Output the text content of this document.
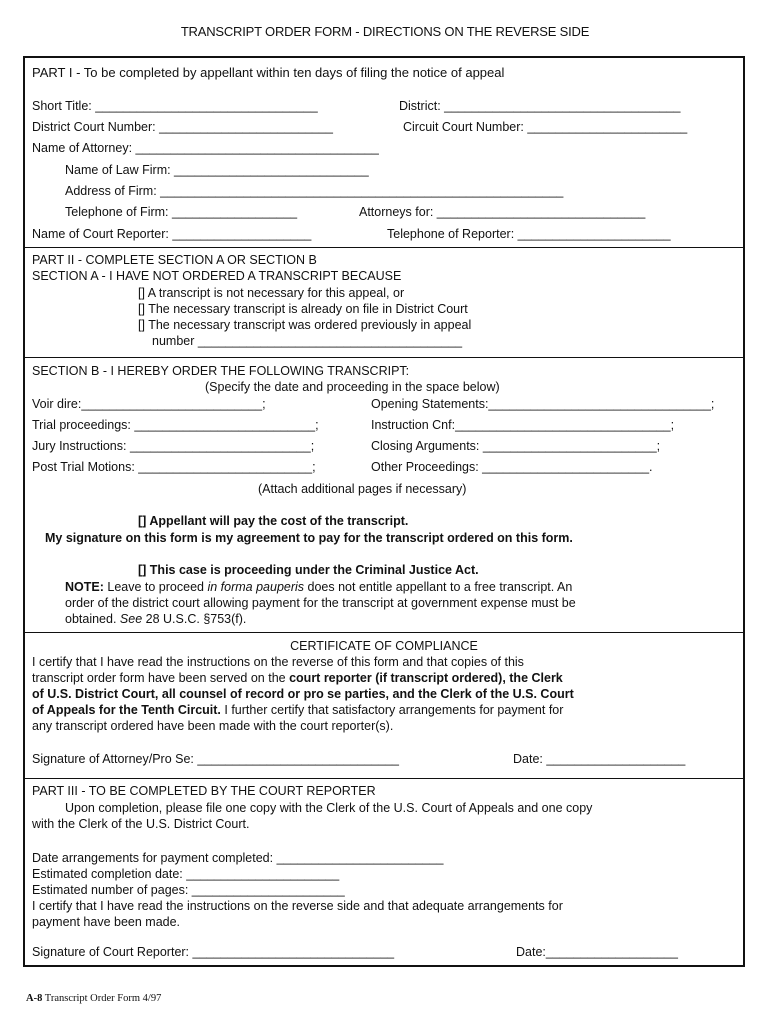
TRANSCRIPT ORDER FORM - DIRECTIONS ON THE REVERSE SIDE
PART I - To be completed by appellant within ten days of filing the notice of appeal
Short Title: ________________________________	District: __________________________________
District Court Number: _________________________	Circuit Court Number: _______________________
Name of Attorney: ___________________________________
Name of Law Firm: ____________________________
Address of Firm: __________________________________________________________
Telephone of Firm: __________________	Attorneys for: ______________________________
Name of Court Reporter: ____________________	Telephone of Reporter: ______________________
PART II - COMPLETE SECTION A OR SECTION B
SECTION A - I HAVE NOT ORDERED A TRANSCRIPT BECAUSE
[] A transcript is not necessary for this appeal, or
[] The necessary transcript is already on file in District Court
[] The necessary transcript was ordered previously in appeal
number ______________________________________
SECTION B - I HEREBY ORDER THE FOLLOWING TRANSCRIPT:
(Specify the date and proceeding in the space below)
Voir dire:__________________________;	Opening Statements:________________________________;
Trial proceedings: __________________________;	Instruction Cnf:_______________________________;
Jury Instructions: __________________________;	Closing Arguments: _________________________;
Post Trial Motions: _________________________;	Other Proceedings: ________________________.
(Attach additional pages if necessary)
[] Appellant will pay the cost of the transcript.
My signature on this form is my agreement to pay for the transcript ordered on this form.
[] This case is proceeding under the Criminal Justice Act.
NOTE: Leave to proceed in forma pauperis does not entitle appellant to a free transcript. An
order of the district court allowing payment for the transcript at government expense must be
obtained. See 28 U.S.C. §753(f).
CERTIFICATE OF COMPLIANCE
I certify that I have read the instructions on the reverse of this form and that copies of this
transcript order form have been served on the court reporter (if transcript ordered), the Clerk
of U.S. District Court, all counsel of record or pro se parties, and the Clerk of the U.S. Court
of Appeals for the Tenth Circuit. I further certify that satisfactory arrangements for payment for
any transcript ordered have been made with the court reporter(s).
Signature of Attorney/Pro Se: _____________________________	Date: ____________________
PART III - TO BE COMPLETED BY THE COURT REPORTER
Upon completion, please file one copy with the Clerk of the U.S. Court of Appeals and one copy
with the Clerk of the U.S. District Court.
Date arrangements for payment completed: ________________________
Estimated completion date: ______________________
Estimated number of pages: ______________________
I certify that I have read the instructions on the reverse side and that adequate arrangements for
payment have been made.
Signature of Court Reporter: _____________________________	Date:___________________
A-8 Transcript Order Form 4/97
